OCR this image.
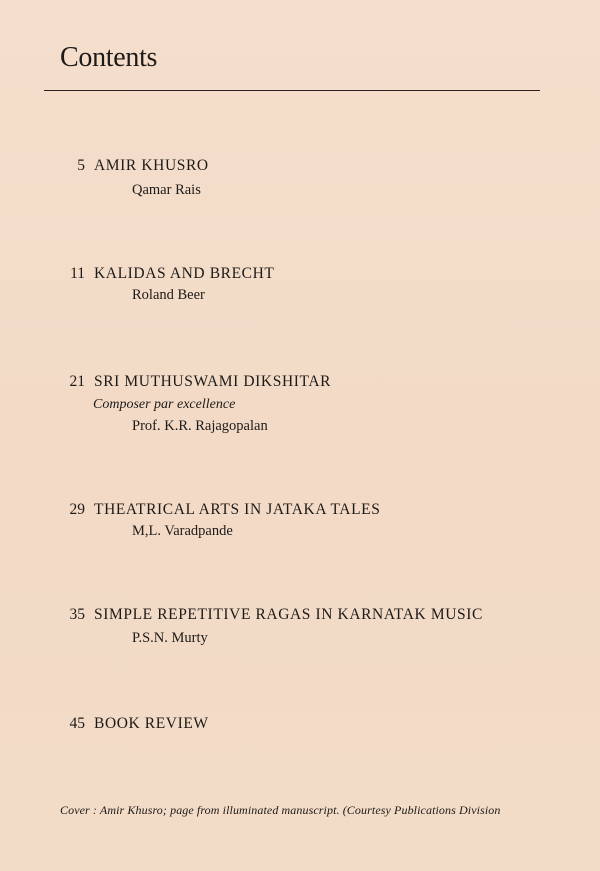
Contents
5 AMIR KHUSRO
Qamar Rais
11 KALIDAS AND BRECHT
Roland Beer
21 SRI MUTHUSWAMI DIKSHITAR
Composer par excellence
Prof. K.R. Rajagopalan
29 THEATRICAL ARTS IN JATAKA TALES
M,L. Varadpande
35 SIMPLE REPETITIVE RAGAS IN KARNATAK MUSIC
P.S.N. Murty
45 BOOK REVIEW
Cover : Amir Khusro; page from illuminated manuscript. (Courtesy Publications Division
